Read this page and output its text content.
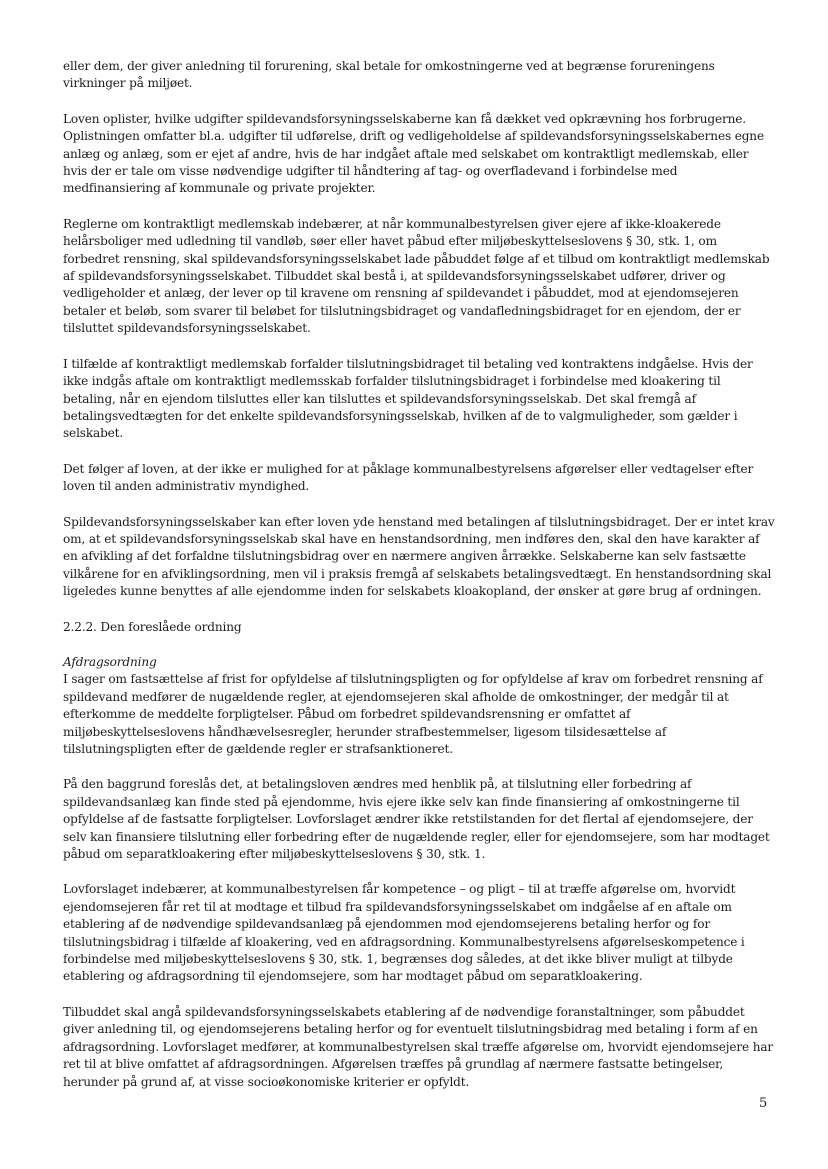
eller dem, der giver anledning til forurening, skal betale for omkostningerne ved at begrænse forureningens virkninger på miljøet.

Loven oplister, hvilke udgifter spildevandsforsyningsselskaberne kan få dækket ved opkrævning hos forbrugerne. Oplistningen omfatter bl.a. udgifter til udførelse, drift og vedligeholdelse af spildevandsforsyningsselskabernes egne anlæg og anlæg, som er ejet af andre, hvis de har indgået aftale med selskabet om kontraktligt medlemskab, eller hvis der er tale om visse nødvendige udgifter til håndtering af tag- og overfladevand i forbindelse med medfinansiering af kommunale og private projekter.

Reglerne om kontraktligt medlemskab indebærer, at når kommunalbestyrelsen giver ejere af ikke-kloakerede helårsboliger med udledning til vandløb, søer eller havet påbud efter miljøbeskyttelseslovens § 30, stk. 1, om forbedret rensning, skal spildevandsforsyningsselskabet lade påbuddet følge af et tilbud om kontraktligt medlemskab af spildevandsforsyningsselskabet. Tilbuddet skal bestå i, at spildevandsforsyningsselskabet udfører, driver og vedligeholder et anlæg, der lever op til kravene om rensning af spildevandet i påbuddet, mod at ejendomsejeren betaler et beløb, som svarer til beløbet for tilslutningsbidraget og vandafledningsbidraget for en ejendom, der er tilsluttet spildevandsforsyningsselskabet.

I tilfælde af kontraktligt medlemskab forfalder tilslutningsbidraget til betaling ved kontraktens indgåelse. Hvis der ikke indgås aftale om kontraktligt medlemsskab forfalder tilslutningsbidraget i forbindelse med kloakering til betaling, når en ejendom tilsluttes eller kan tilsluttes et spildevandsforsyningsselskab. Det skal fremgå af betalingsvedtægten for det enkelte spildevandsforsyningsselskab, hvilken af de to valgmuligheder, som gælder i selskabet.

Det følger af loven, at der ikke er mulighed for at påklage kommunalbestyrelsens afgørelser eller vedtagelser efter loven til anden administrativ myndighed.

Spildevandsforsyningsselskaber kan efter loven yde henstand med betalingen af tilslutningsbidraget. Der er intet krav om, at et spildevandsforsyningsselskab skal have en henstandsordning, men indføres den, skal den have karakter af en afvikling af det forfaldne tilslutningsbidrag over en nærmere angiven årrække. Selskaberne kan selv fastsætte vilkårene for en afviklingsordning, men vil i praksis fremgå af selskabets betalingsvedtægt. En henstandsordning skal ligeledes kunne benyttes af alle ejendomme inden for selskabets kloakopland, der ønsker at gøre brug af ordningen.

2.2.2. Den foreslåede ordning

Afdragsordning

I sager om fastsættelse af frist for opfyldelse af tilslutningspligten og for opfyldelse af krav om forbedret rensning af spildevand medfører de nugældende regler, at ejendomsejeren skal afholde de omkostninger, der medgår til at efterkomme de meddelte forpligtelser. Påbud om forbedret spildevandsrensning er omfattet af miljøbeskyttelseslovens håndhævelsesregler, herunder strafbestemmelser, ligesom tilsidesættelse af tilslutningspligten efter de gældende regler er strafsanktioneret.

På den baggrund foreslås det, at betalingsloven ændres med henblik på, at tilslutning eller forbedring af spildevandsanlæg kan finde sted på ejendomme, hvis ejere ikke selv kan finde finansiering af omkostningerne til opfyldelse af de fastsatte forpligtelser. Lovforslaget ændrer ikke retstilstanden for det flertal af ejendomsejere, der selv kan finansiere tilslutning eller forbedring efter de nugældende regler, eller for ejendomsejere, som har modtaget påbud om separatkloakering efter miljøbeskyttelseslovens § 30, stk. 1.

Lovforslaget indebærer, at kommunalbestyrelsen får kompetence – og pligt – til at træffe afgørelse om, hvorvidt ejendomsejeren får ret til at modtage et tilbud fra spildevandsforsyningsselskabet om indgåelse af en aftale om etablering af de nødvendige spildevandsanlæg på ejendommen mod ejendomsejerens betaling herfor og for tilslutningsbidrag i tilfælde af kloakering, ved en afdragsordning. Kommunalbestyrelsens afgørelseskompetence i forbindelse med miljøbeskyttelseslovens § 30, stk. 1, begrænses dog således, at det ikke bliver muligt at tilbyde etablering og afdragsordning til ejendomsejere, som har modtaget påbud om separatkloakering.

Tilbuddet skal angå spildevandsforsyningsselskabets etablering af de nødvendige foranstaltninger, som påbuddet giver anledning til, og ejendomsejerens betaling herfor og for eventuelt tilslutningsbidrag med betaling i form af en afdragsordning. Lovforslaget medfører, at kommunalbestyrelsen skal træffe afgørelse om, hvorvidt ejendomsejere har ret til at blive omfattet af afdragsordningen. Afgørelsen træffes på grundlag af nærmere fastsatte betingelser, herunder på grund af, at visse socioøkonomiske kriterier er opfyldt.

5
